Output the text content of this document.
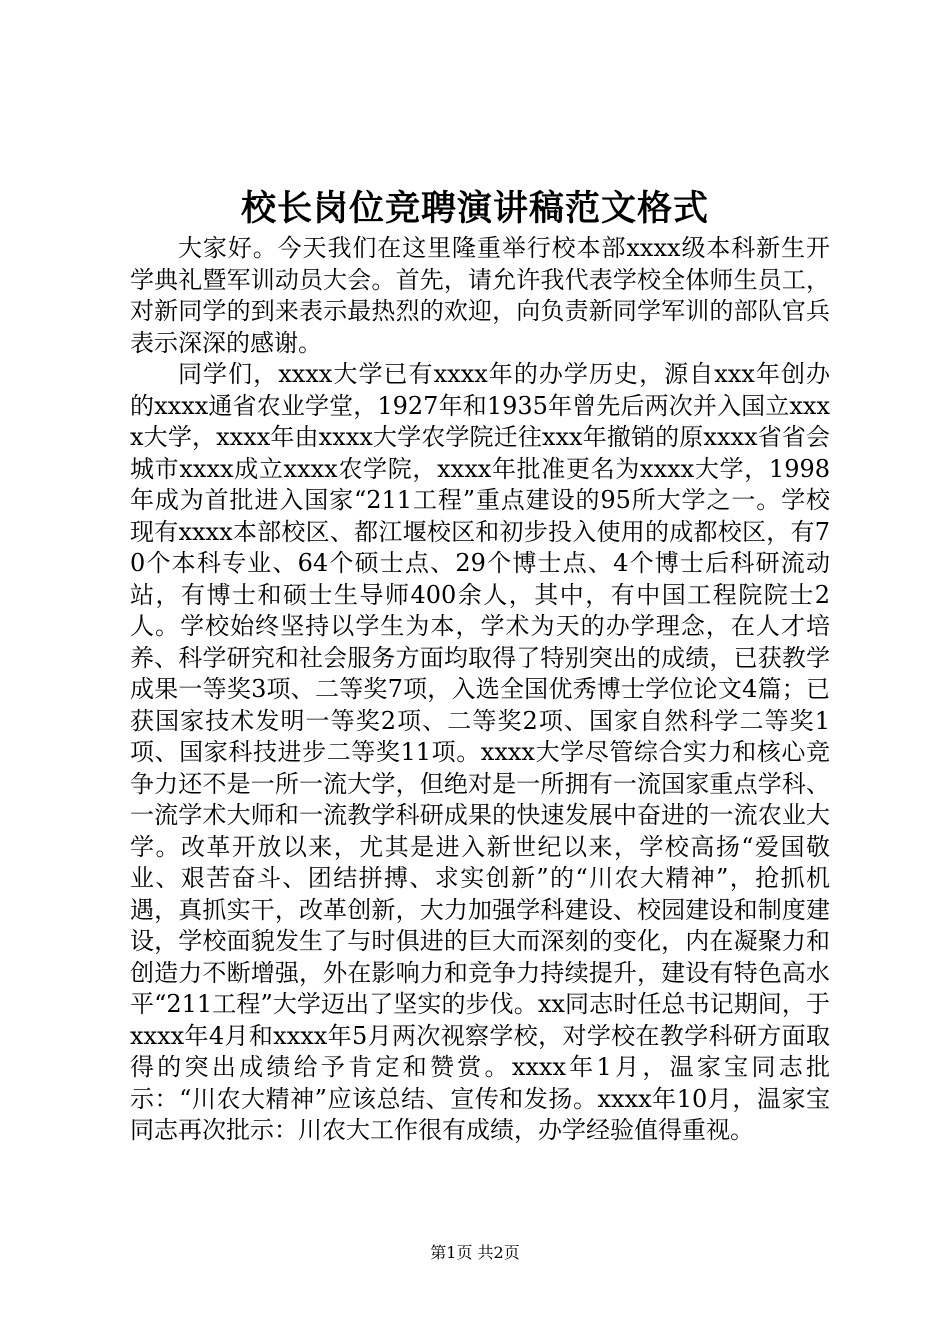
校长岗位竞聘演讲稿范文格式

大家好。今天我们在这里隆重举行校本部xxxx级本科新生开学典礼暨军训动员大会。首先，请允许我代表学校全体师生员工，对新同学的到来表示最热烈的欢迎，向负责新同学军训的部队官兵表示深深的感谢。

同学们，xxxx大学已有xxxx年的办学历史，源自xxx年创办的xxxx通省农业学堂，1927年和1935年曾先后两次并入国立xxxx大学，xxxx年由xxxx大学农学院迁往xxx年撤销的原xxxx省省会城市xxxx成立xxxx农学院，xxxx年批准更名为xxxx大学，1998年成为首批进入国家“211工程”重点建设的95所大学之一。学校现有xxxx本部校区、都江堰校区和初步投入使用的成都校区，有70个本科专业、64个硕士点、29个博士点、4个博士后科研流动站，有博士和硕士生导师400余人，其中，有中国工程院院士2人。学校始终坚持以学生为本，学术为天的办学理念，在人才培养、科学研究和社会服务方面均取得了特别突出的成绩，已获教学成果一等奖3项、二等奖7项，入选全国优秀博士学位论文4篇；已获国家技术发明一等奖2项、二等奖2项、国家自然科学二等奖1项、国家科技进步二等奖11项。xxxx大学尽管综合实力和核心竞争力还不是一所一流大学，但绝对是一所拥有一流国家重点学科、一流学术大师和一流教学科研成果的快速发展中奋进的一流农业大学。改革开放以来，尤其是进入新世纪以来，学校高扬“爱国敬业、艰苦奋斗、团结拼搏、求实创新”的“川农大精神”，抢抓机遇，真抓实干，改革创新，大力加强学科建设、校园建设和制度建设，学校面貌发生了与时俱进的巨大而深刻的变化，内在凝聚力和创造力不断增强，外在影响力和竞争力持续提升，建设有特色高水平“211工程”大学迈出了坚实的步伐。xx同志时任总书记期间，于xxxx年4月和xxxx年5月两次视察学校，对学校在教学科研方面取得的突出成绩给予肯定和赞赏。xxxx年1月，温家宝同志批示：“川农大精神”应该总结、宣传和发扬。xxxx年10月，温家宝同志再次批示：川农大工作很有成绩，办学经验值得重视。

第1页 共2页
